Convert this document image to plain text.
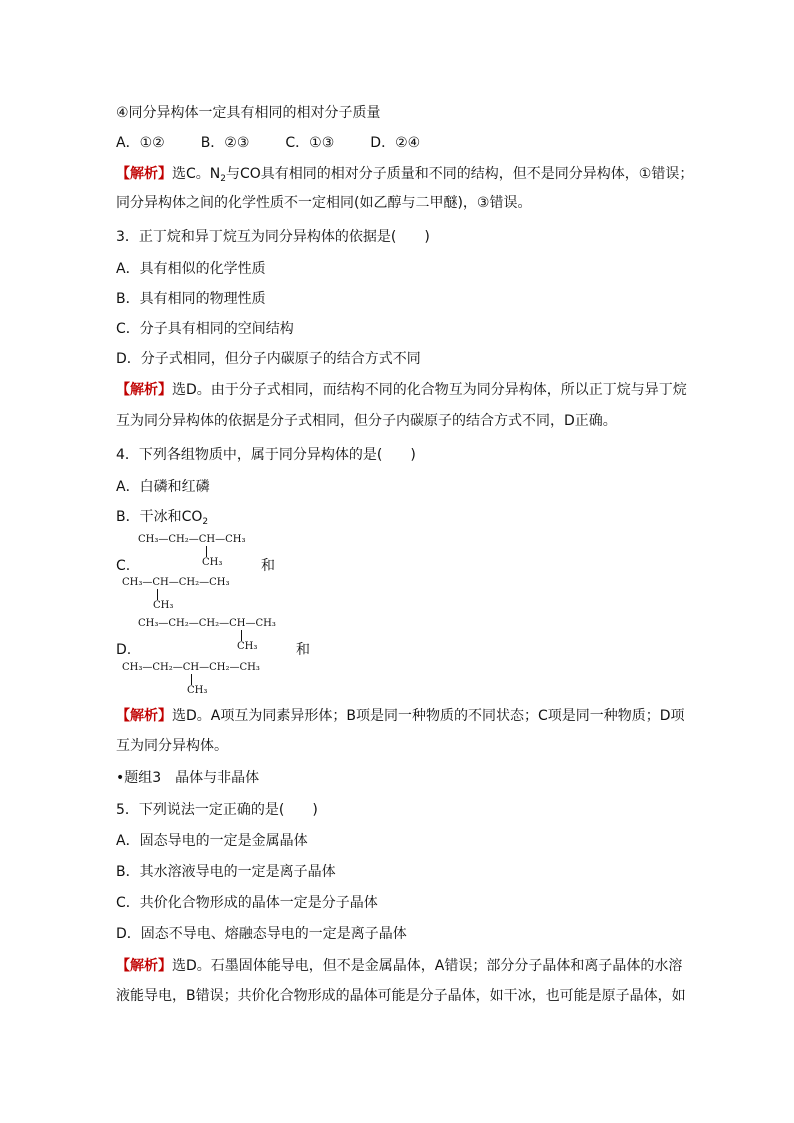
④同分异构体一定具有相同的相对分子质量
A．①②	B．②③	C．①③	D．②④
【解析】选C。$N_2$与CO具有相同的相对分子质量和不同的结构，但不是同分异构体，①错误；
同分异构体之间的化学性质不一定相同(如乙醇与二甲醚)，③错误。
3．正丁烷和异丁烷互为同分异构体的依据是(　　)
A．具有相似的化学性质
B．具有相同的物理性质
C．分子具有相同的空间结构
D．分子式相同，但分子内碳原子的结合方式不同
【解析】选D。由于分子式相同，而结构不同的化合物互为同分异构体，所以正丁烷与异丁烷
互为同分异构体的依据是分子式相同，但分子内碳原子的结合方式不同，D正确。
4．下列各组物质中，属于同分异构体的是(　　)
A．白磷和红磷
B．干冰和$CO_2$
CH₃—CH₂—CH—CH₃
CH₃
C.	和
CH₃—CH—CH₂—CH₃
CH₃
CH₃—CH₂—CH₂—CH—CH₃
CH₃
D.	和
CH₃—CH₂—CH—CH₂—CH₃
CH₃
【解析】选D。A项互为同素异形体；B项是同一种物质的不同状态；C项是同一种物质；D项
互为同分异构体。
•题组3　晶体与非晶体
5．下列说法一定正确的是(　　)
A．固态导电的一定是金属晶体
B．其水溶液导电的一定是离子晶体
C．共价化合物形成的晶体一定是分子晶体
D．固态不导电、熔融态导电的一定是离子晶体
【解析】选D。石墨固体能导电，但不是金属晶体，A错误；部分分子晶体和离子晶体的水溶
液能导电，B错误；共价化合物形成的晶体可能是分子晶体，如干冰，也可能是原子晶体，如
